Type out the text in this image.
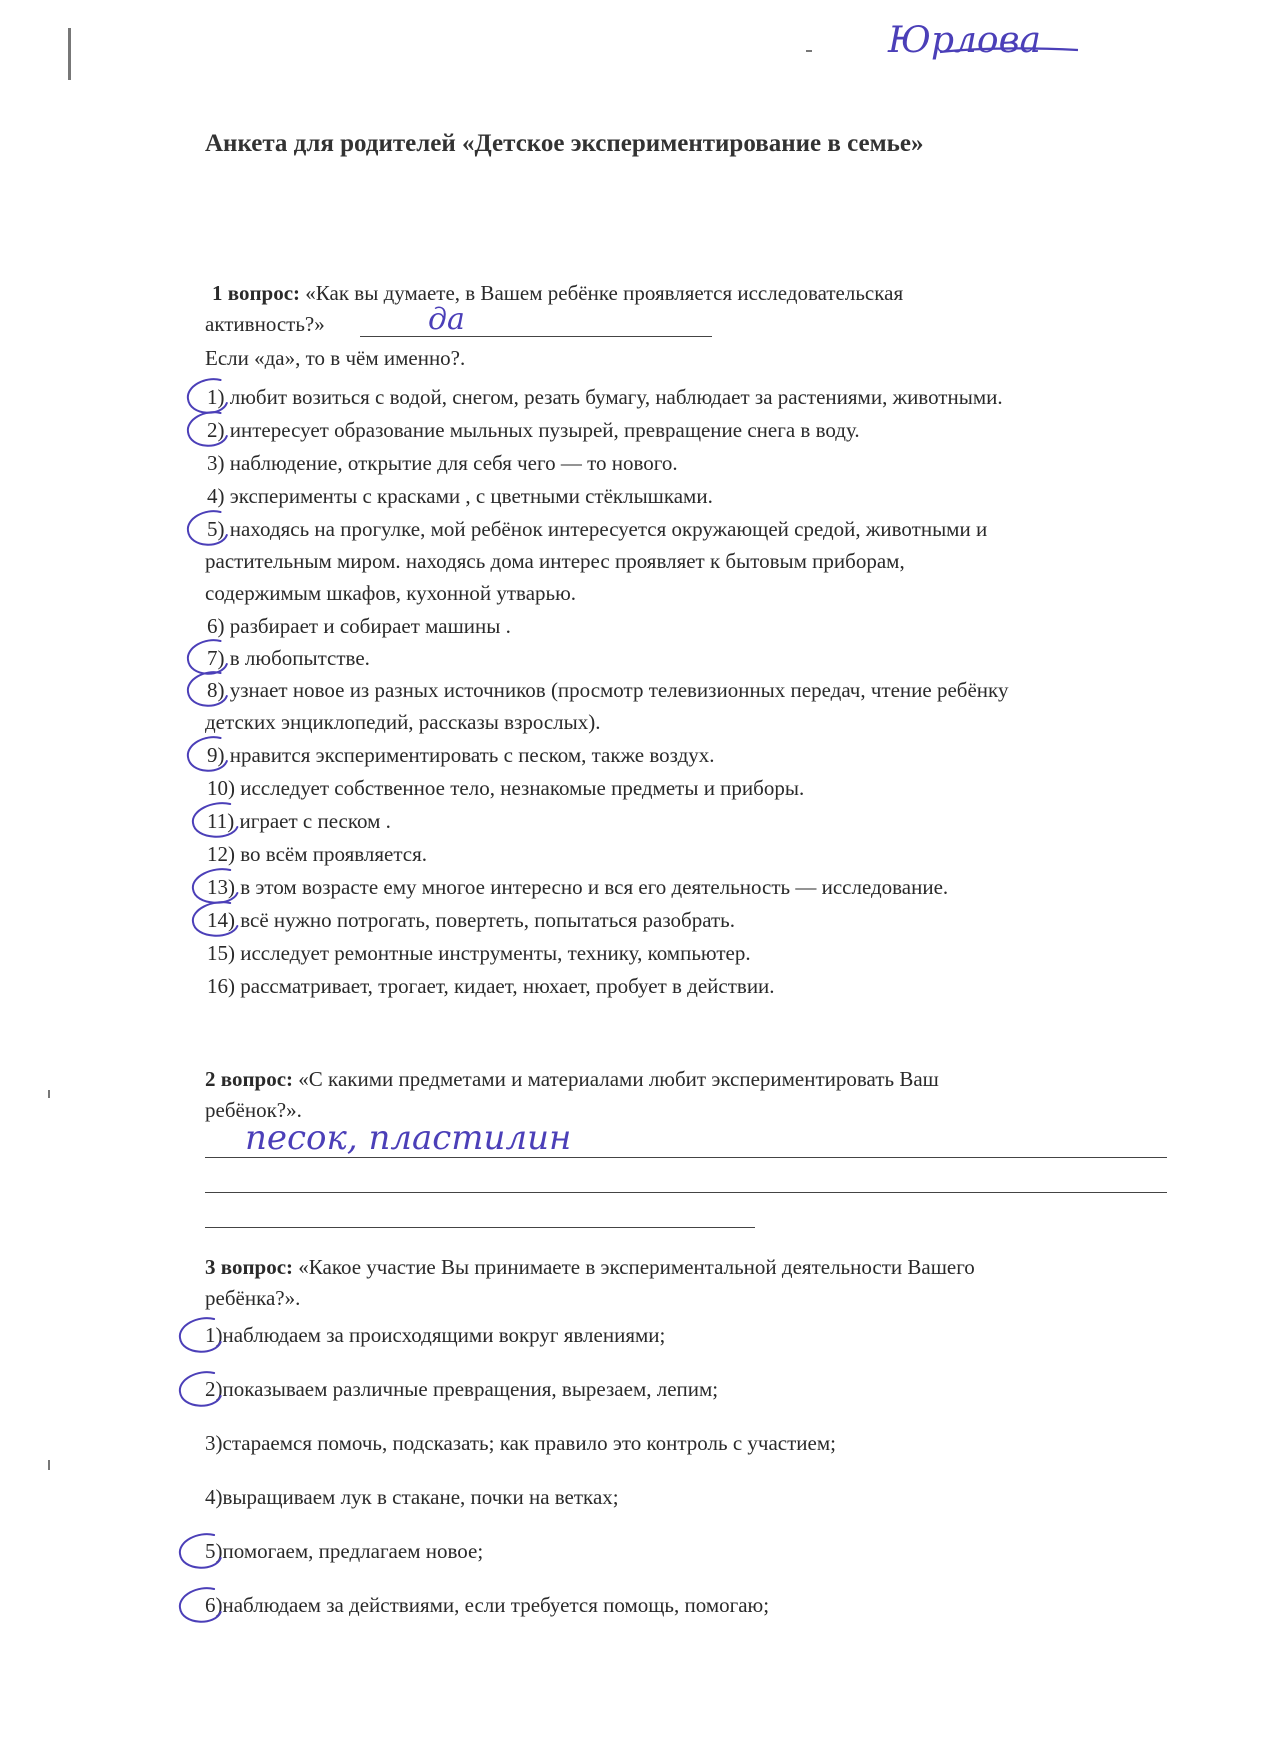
Юрлова
Анкета для родителей «Детское экспериментирование в семье»
1 вопрос: «Как вы думаете, в Вашем ребёнке проявляется исследовательская
активность?»	да
Если «да», то в чём именно?.
1) любит возиться с водой, снегом, резать бумагу, наблюдает за растениями, животными.
2) интересует образование мыльных пузырей, превращение снега в воду.
3) наблюдение, открытие для себя чего — то нового.
4) эксперименты с красками , с цветными стёклышками.
5) находясь на прогулке, мой ребёнок интересуется окружающей средой, животными и
растительным миром. находясь дома интерес проявляет к бытовым приборам,
содержимым шкафов, кухонной утварью.
6) разбирает и собирает машины .
7) в любопытстве.
8) узнает новое из разных источников (просмотр телевизионных передач, чтение ребёнку
детских энциклопедий, рассказы взрослых).
9) нравится экспериментировать с песком, также воздух.
10) исследует собственное тело, незнакомые предметы и приборы.
11) играет с песком .
12) во всём проявляется.
13) в этом возрасте ему многое интересно и вся его деятельность — исследование.
14) всё нужно потрогать, повертеть, попытаться разобрать.
15) исследует ремонтные инструменты, технику, компьютер.
16) рассматривает, трогает, кидает, нюхает, пробует в действии.
2 вопрос: «С какими предметами и материалами любит экспериментировать Ваш
ребёнок?».
песок, пластилин
3 вопрос: «Какое участие Вы принимаете в экспериментальной деятельности Вашего
ребёнка?».
1)наблюдаем за происходящими вокруг явлениями;
2)показываем различные превращения, вырезаем, лепим;
3)стараемся помочь, подсказать; как правило это контроль с участием;
4)выращиваем лук в стакане, почки на ветках;
5)помогаем, предлагаем новое;
6)наблюдаем за действиями, если требуется помощь, помогаю;
